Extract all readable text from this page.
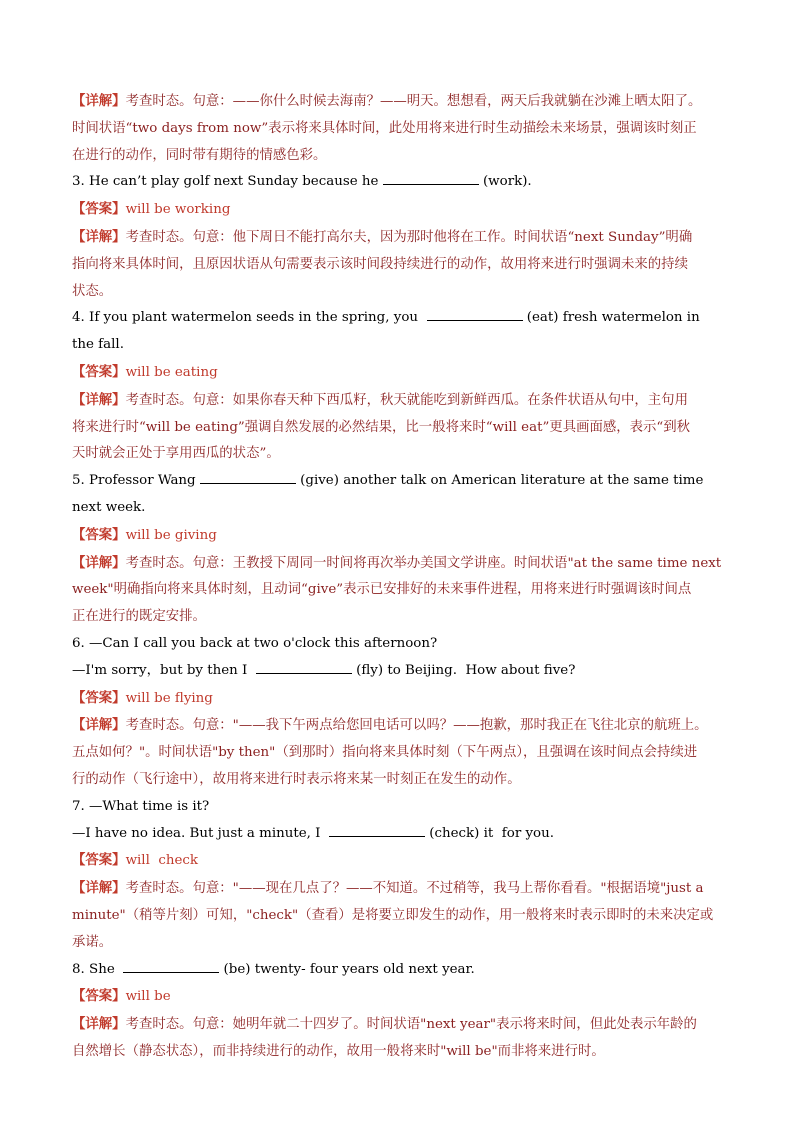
【详解】考查时态。句意：——你什么时候去海南？——明天。想想看，两天后我就躺在沙滩上晒太阳了。
时间状语“two days from now”表示将来具体时间，此处用将来进行时生动描绘未来场景，强调该时刻正
在进行的动作，同时带有期待的情感色彩。
3. He can’t play golf next Sunday because he	(work).
【答案】will be working
【详解】考查时态。句意：他下周日不能打高尔夫，因为那时他将在工作。时间状语“next Sunday”明确
指向将来具体时间，且原因状语从句需要表示该时间段持续进行的动作，故用将来进行时强调未来的持续
状态。
4. If you plant watermelon seeds in the spring, you	(eat) fresh watermelon in the fall.
【答案】will be eating
【详解】考查时态。句意：如果你春天种下西瓜籽，秋天就能吃到新鲜西瓜。在条件状语从句中，主句用
将来进行时“will be eating”强调自然发展的必然结果，比一般将来时“will eat”更具画面感，表示“到秋
天时就会正处于享用西瓜的状态”。
5. Professor Wang	(give) another talk on American literature at the same time next week.
【答案】will be giving
【详解】考查时态。句意：王教授下周同一时间将再次举办美国文学讲座。时间状语"at the same time next
week"明确指向将来具体时刻，且动词“give”表示已安排好的未来事件进程，用将来进行时强调该时间点
正在进行的既定安排。
6. —Can I call you back at two o'clock this afternoon?
—I'm sorry，but by then I	(fly) to Beijing.  How about five?
【答案】will be flying
【详解】考查时态。句意："——我下午两点给您回电话可以吗？——抱歉，那时我正在飞往北京的航班上。
五点如何？"。时间状语"by then"（到那时）指向将来具体时刻（下午两点），且强调在该时间点会持续进
行的动作（飞行途中），故用将来进行时表示将来某一时刻正在发生的动作。
7. —What time is it?
—I have no idea. But just a minute, I	(check) it  for you.
【答案】will  check
【详解】考查时态。句意："——现在几点了？——不知道。不过稍等，我马上帮你看看。"根据语境"just a
minute"（稍等片刻）可知，"check"（查看）是将要立即发生的动作，用一般将来时表示即时的未来决定或
承诺。
8. She	(be) twenty- four years old next year.
【答案】will be
【详解】考查时态。句意：她明年就二十四岁了。时间状语"next year"表示将来时间，但此处表示年龄的
自然增长（静态状态），而非持续进行的动作，故用一般将来时"will be"而非将来进行时。
